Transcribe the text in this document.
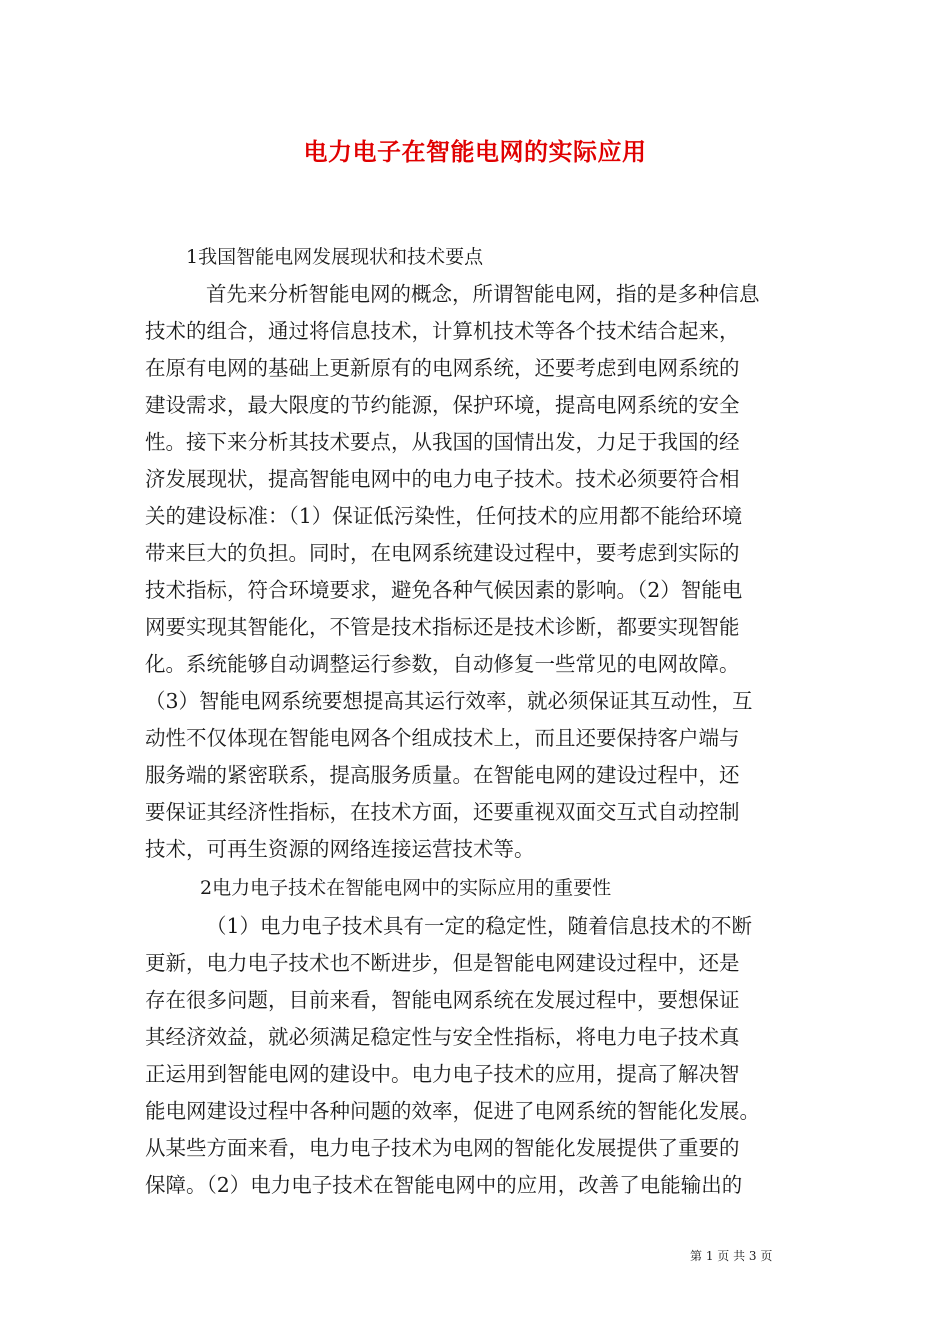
电力电子在智能电网的实际应用
1我国智能电网发展现状和技术要点
首先来分析智能电网的概念，所谓智能电网，指的是多种信息
技术的组合，通过将信息技术，计算机技术等各个技术结合起来，
在原有电网的基础上更新原有的电网系统，还要考虑到电网系统的
建设需求，最大限度的节约能源，保护环境，提高电网系统的安全
性。接下来分析其技术要点，从我国的国情出发，力足于我国的经
济发展现状，提高智能电网中的电力电子技术。技术必须要符合相
关的建设标准：（1）保证低污染性，任何技术的应用都不能给环境
带来巨大的负担。同时，在电网系统建设过程中，要考虑到实际的
技术指标，符合环境要求，避免各种气候因素的影响。（2）智能电
网要实现其智能化，不管是技术指标还是技术诊断，都要实现智能
化。系统能够自动调整运行参数，自动修复一些常见的电网故障。
（3）智能电网系统要想提高其运行效率，就必须保证其互动性，互
动性不仅体现在智能电网各个组成技术上，而且还要保持客户端与
服务端的紧密联系，提高服务质量。在智能电网的建设过程中，还
要保证其经济性指标，在技术方面，还要重视双面交互式自动控制
技术，可再生资源的网络连接运营技术等。
2电力电子技术在智能电网中的实际应用的重要性
（1）电力电子技术具有一定的稳定性，随着信息技术的不断
更新，电力电子技术也不断进步，但是智能电网建设过程中，还是
存在很多问题，目前来看，智能电网系统在发展过程中，要想保证
其经济效益，就必须满足稳定性与安全性指标，将电力电子技术真
正运用到智能电网的建设中。电力电子技术的应用，提高了解决智
能电网建设过程中各种问题的效率，促进了电网系统的智能化发展。
从某些方面来看，电力电子技术为电网的智能化发展提供了重要的
保障。（2）电力电子技术在智能电网中的应用，改善了电能输出的
第 1 页 共 3 页
